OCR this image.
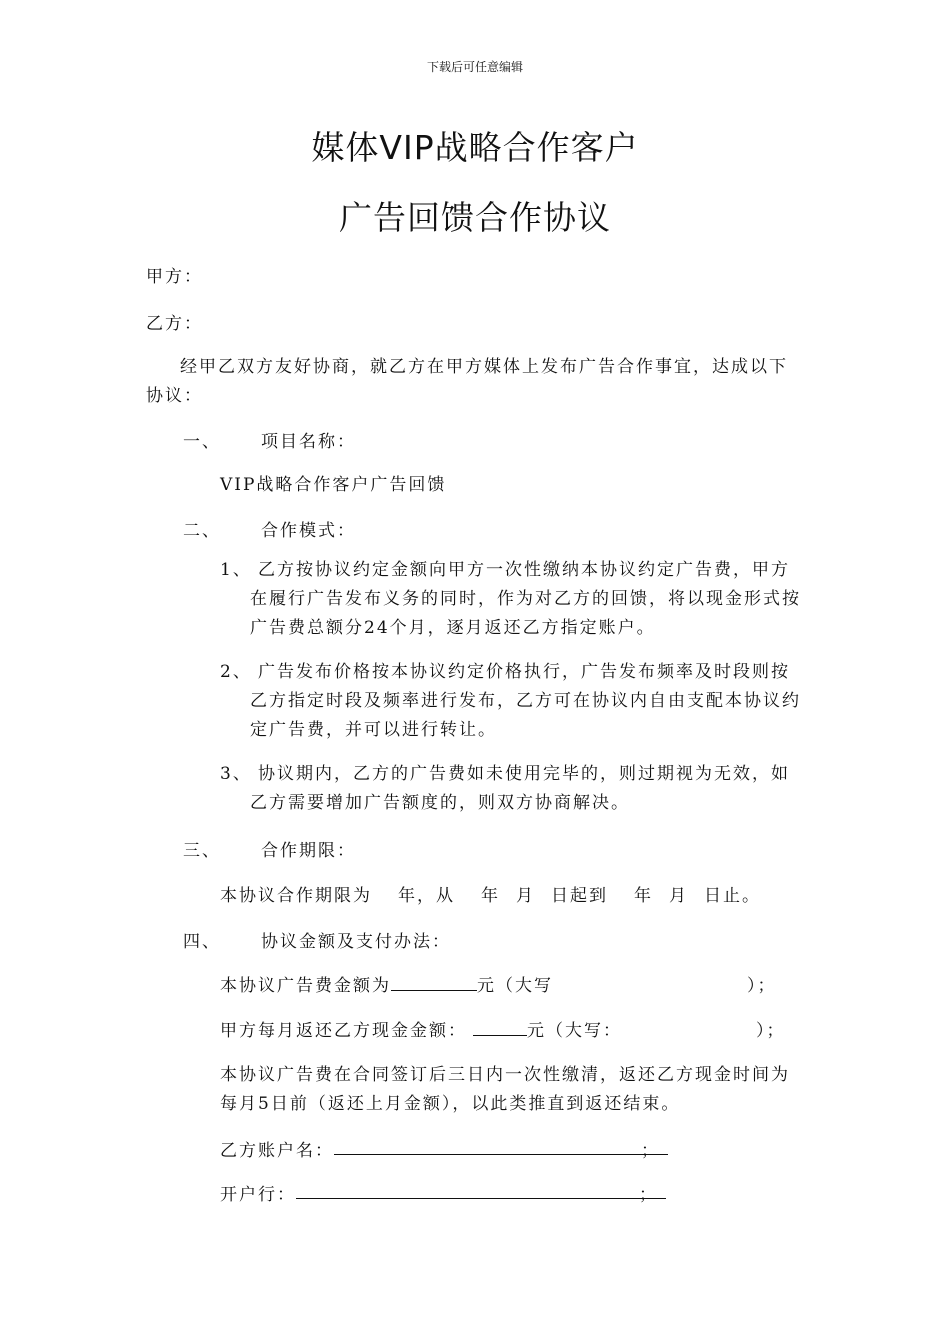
下载后可任意编辑
媒体VIP战略合作客户
广告回馈合作协议
甲方：
乙方：
经甲乙双方友好协商，就乙方在甲方媒体上发布广告合作事宜，达成以下
协议：
一、 项目名称：
VIP战略合作客户广告回馈
二、 合作模式：
1、 乙方按协议约定金额向甲方一次性缴纳本协议约定广告费，甲方
在履行广告发布义务的同时，作为对乙方的回馈，将以现金形式按
广告费总额分24个月，逐月返还乙方指定账户。
2、 广告发布价格按本协议约定价格执行，广告发布频率及时段则按
乙方指定时段及频率进行发布，乙方可在协议内自由支配本协议约
定广告费，并可以进行转让。
3、 协议期内，乙方的广告费如未使用完毕的，则过期视为无效，如
乙方需要增加广告额度的，则双方协商解决。
三、 合作期限：
本协议合作期限为 年，从 年 月 日起到 年 月 日止。
四、 协议金额及支付办法：
本协议广告费金额为	元（大写	）；
甲方每月返还乙方现金金额：	元（大写：	）；
本协议广告费在合同签订后三日内一次性缴清，返还乙方现金时间为
每月5日前（返还上月金额），以此类推直到返还结束。
乙方账户名：	；
开户行：	；
